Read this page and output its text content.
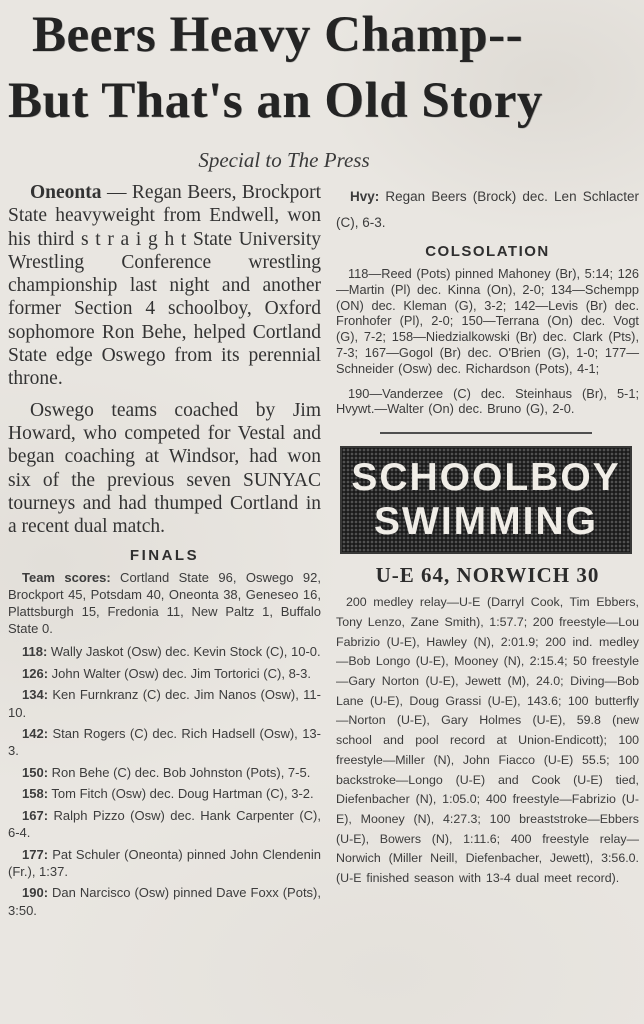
Beers Heavy Champ--
But That's an Old Story
Special to The Press

Oneonta — Regan Beers, Brockport State heavyweight from Endwell, won his third s t r a i g h t State University Wrestling Conference wrestling championship last night and another former Section 4 schoolboy, Oxford sophomore Ron Behe, helped Cortland State edge Oswego from its perennial throne.

Oswego teams coached by Jim Howard, who competed for Vestal and began coaching at Windsor, had won six of the previous seven SUNYAC tourneys and had thumped Cortland in a recent dual match.

FINALS

Team scores: Cortland State 96, Oswego 92, Brockport 45, Potsdam 40, Oneonta 38, Geneseo 16, Plattsburgh 15, Fredonia 11, New Paltz 1, Buffalo State 0.

118: Wally Jaskot (Osw) dec. Kevin Stock (C), 10-0.

126: John Walter (Osw) dec. Jim Tortorici (C), 8-3.

134: Ken Furnkranz (C) dec. Jim Nanos (Osw), 11-10.

142: Stan Rogers (C) dec. Rich Hadsell (Osw), 13-3.

150: Ron Behe (C) dec. Bob Johnston (Pots), 7-5.

158: Tom Fitch (Osw) dec. Doug Hartman (C), 3-2.

167: Ralph Pizzo (Osw) dec. Hank Carpenter (C), 6-4.

177: Pat Schuler (Oneonta) pinned John Clendenin (Fr.), 1:37.

190: Dan Narcisco (Osw) pinned Dave Foxx (Pots), 3:50.

Hvy: Regan Beers (Brock) dec. Len Schlacter (C), 6-3.

COLSOLATION

118—Reed (Pots) pinned Mahoney (Br), 5:14; 126—Martin (Pl) dec. Kinna (On), 2-0; 134—Schempp (ON) dec. Kleman (G), 3-2; 142—Levis (Br) dec. Fronhofer (Pl), 2-0; 150—Terrana (On) dec. Vogt (G), 7-2; 158—Niedzialkowski (Br) dec. Clark (Pts), 7-3; 167—Gogol (Br) dec. O'Brien (G), 1-0; 177—Schneider (Osw) dec. Richardson (Pots), 4-1;

190—Vanderzee (C) dec. Steinhaus (Br), 5-1; Hvywt.—Walter (On) dec. Bruno (G), 2-0.

SCHOOLBOY
SWIMMING
U-E 64, NORWICH 30

200 medley relay—U-E (Darryl Cook, Tim Ebbers, Tony Lenzo, Zane Smith), 1:57.7; 200 freestyle—Lou Fabrizio (U-E), Hawley (N), 2:01.9; 200 ind. medley—Bob Longo (U-E), Mooney (N), 2:15.4; 50 freestyle—Gary Norton (U-E), Jewett (M), 24.0; Diving—Bob Lane (U-E), Doug Grassi (U-E), 143.6; 100 butterfly—Norton (U-E), Gary Holmes (U-E), 59.8 (new school and pool record at Union-Endicott); 100 freestyle—Miller (N), John Fiacco (U-E) 55.5; 100 backstroke—Longo (U-E) and Cook (U-E) tied, Diefenbacher (N), 1:05.0; 400 freestyle—Fabrizio (U-E), Mooney (N), 4:27.3; 100 breaststroke—Ebbers (U-E), Bowers (N), 1:11.6; 400 freestyle relay—Norwich (Miller Neill, Diefenbacher, Jewett), 3:56.0. (U-E finished season with 13-4 dual meet record).
